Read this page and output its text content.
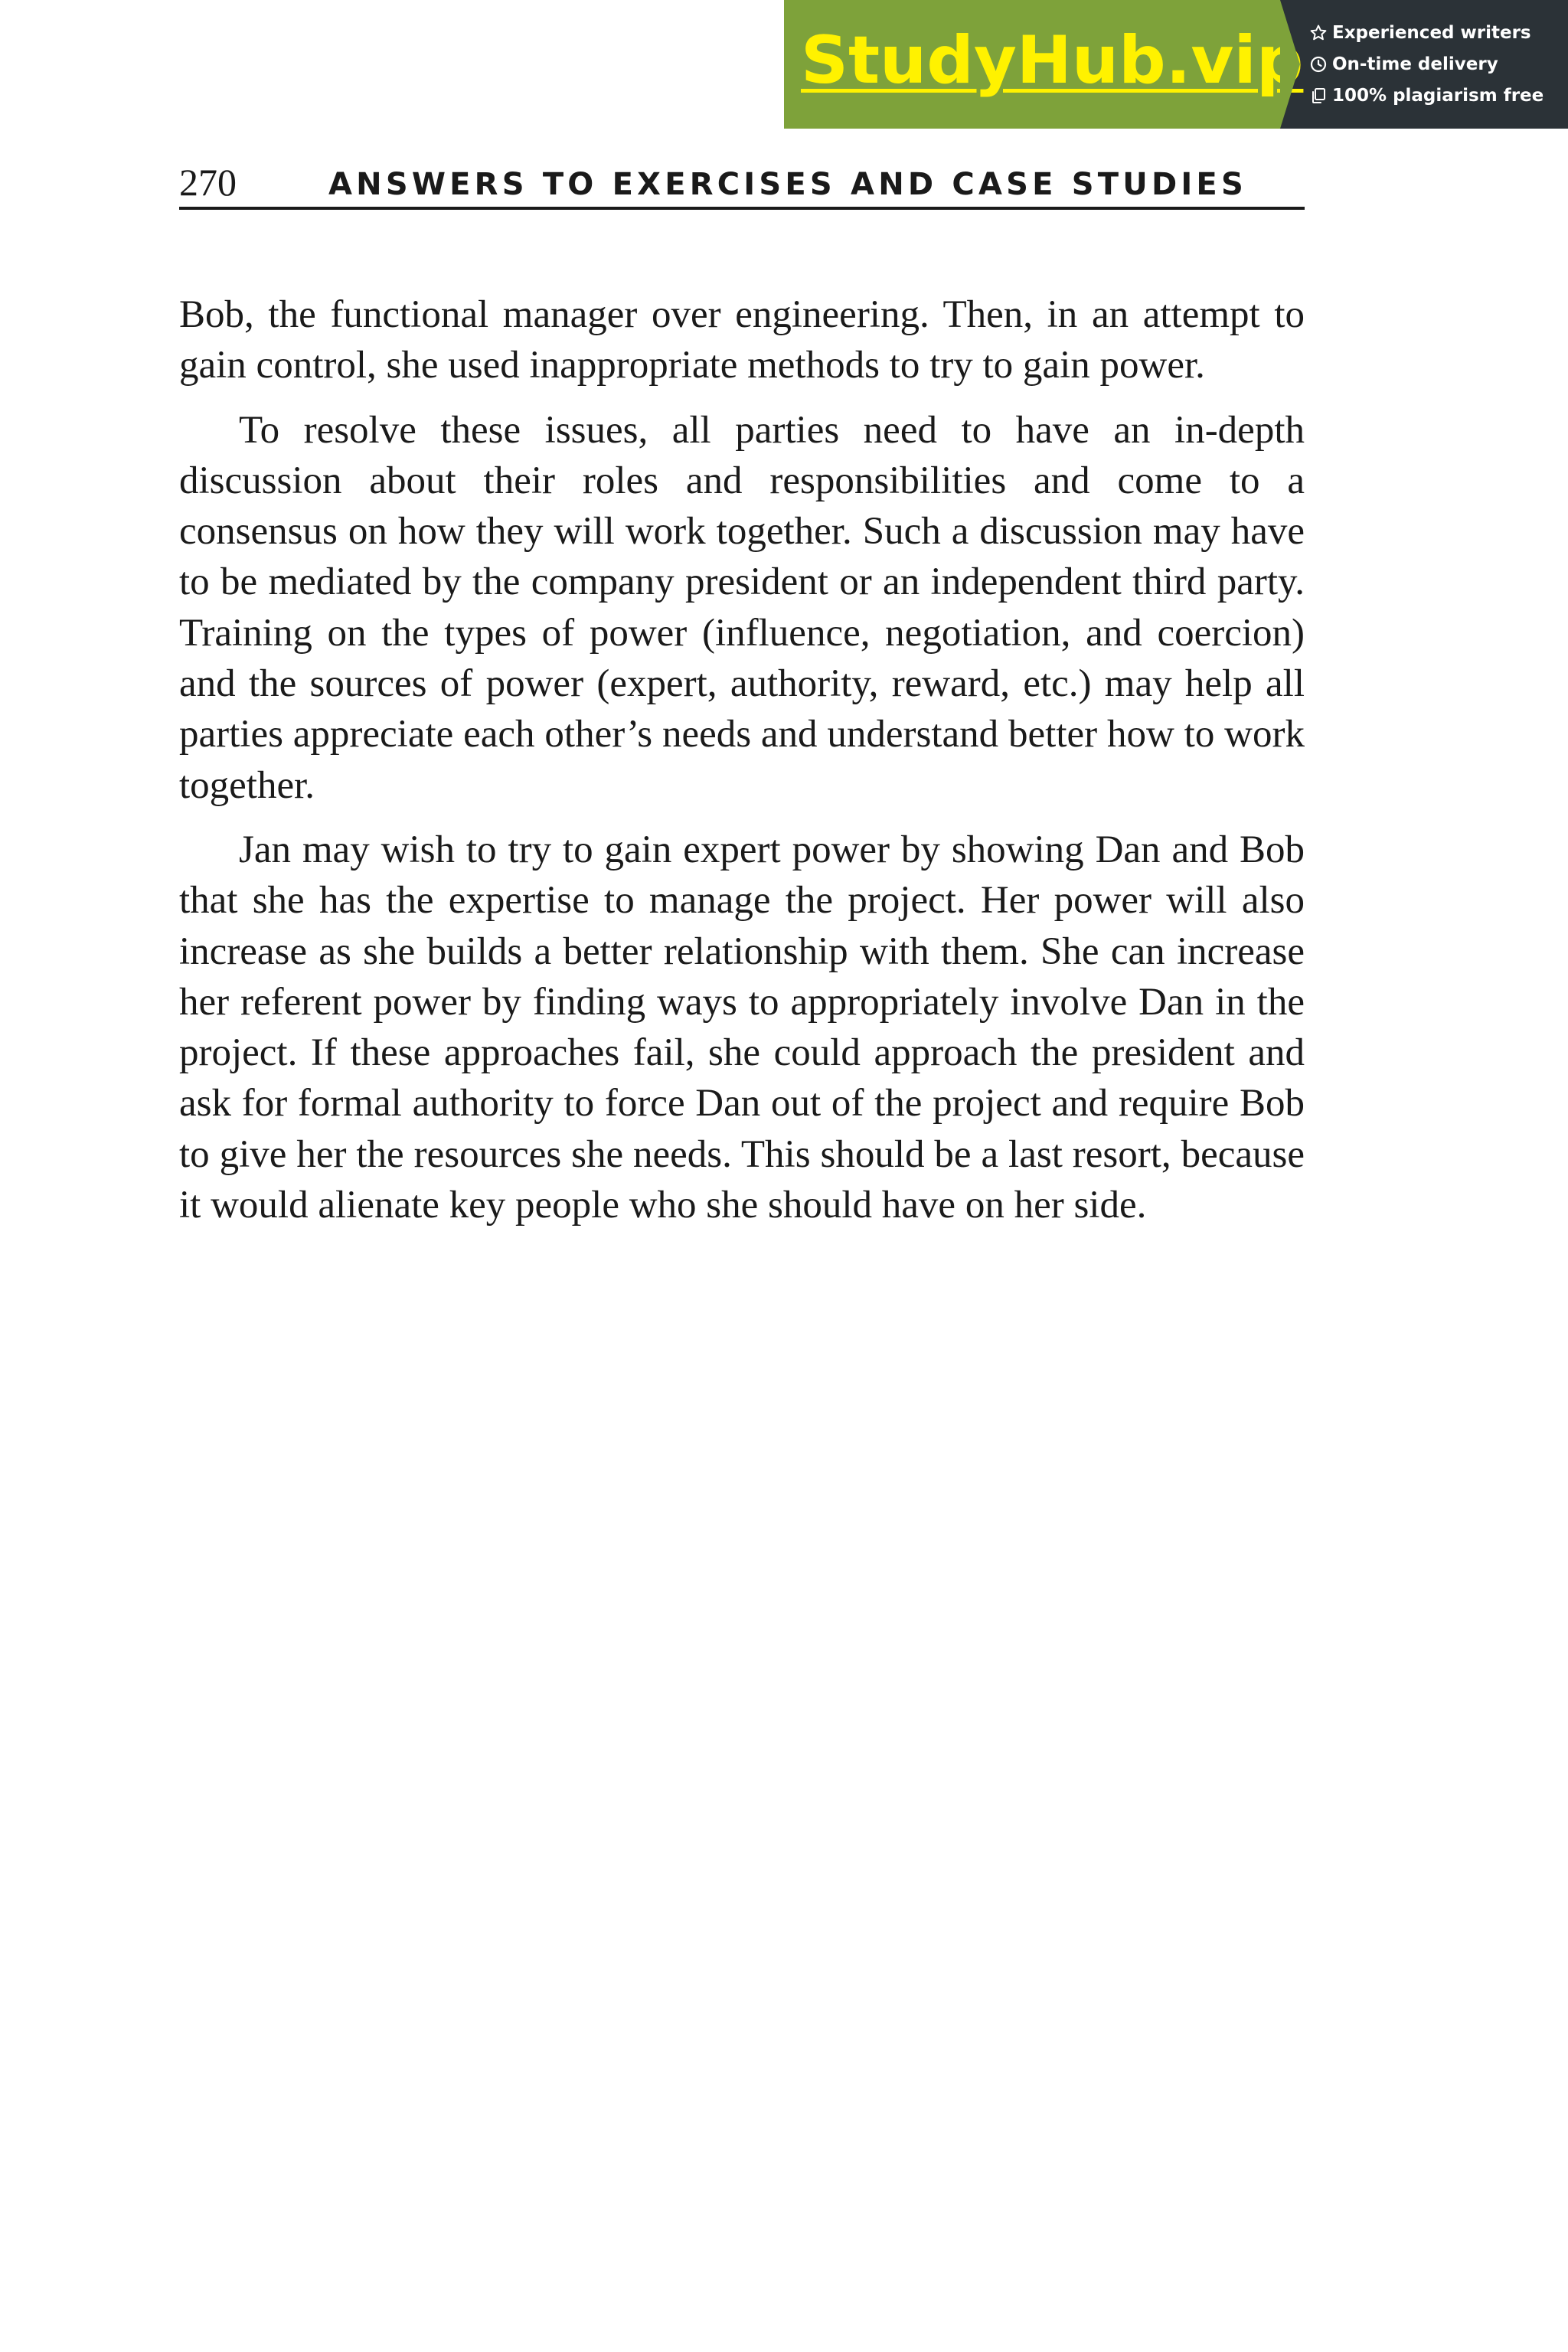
StudyHub.vip Experienced writers
On-time delivery
100% plagiarism free
270	ANSWERS TO EXERCISES AND CASE STUDIES

Bob, the functional manager over engineering. Then, in an attempt to gain control, she used inappropriate methods to try to gain power.

To resolve these issues, all parties need to have an in-depth discussion about their roles and responsibilities and come to a consensus on how they will work together. Such a discussion may have to be mediated by the company president or an independent third party. Training on the types of power (influence, negotiation, and coercion) and the sources of power (expert, authority, reward, etc.) may help all parties appreciate each other’s needs and understand better how to work together.

Jan may wish to try to gain expert power by showing Dan and Bob that she has the expertise to manage the project. Her power will also increase as she builds a better relationship with them. She can increase her referent power by finding ways to appropriately involve Dan in the project. If these approaches fail, she could approach the president and ask for formal authority to force Dan out of the project and require Bob to give her the resources she needs. This should be a last resort, because it would alienate key people who she should have on her side.
